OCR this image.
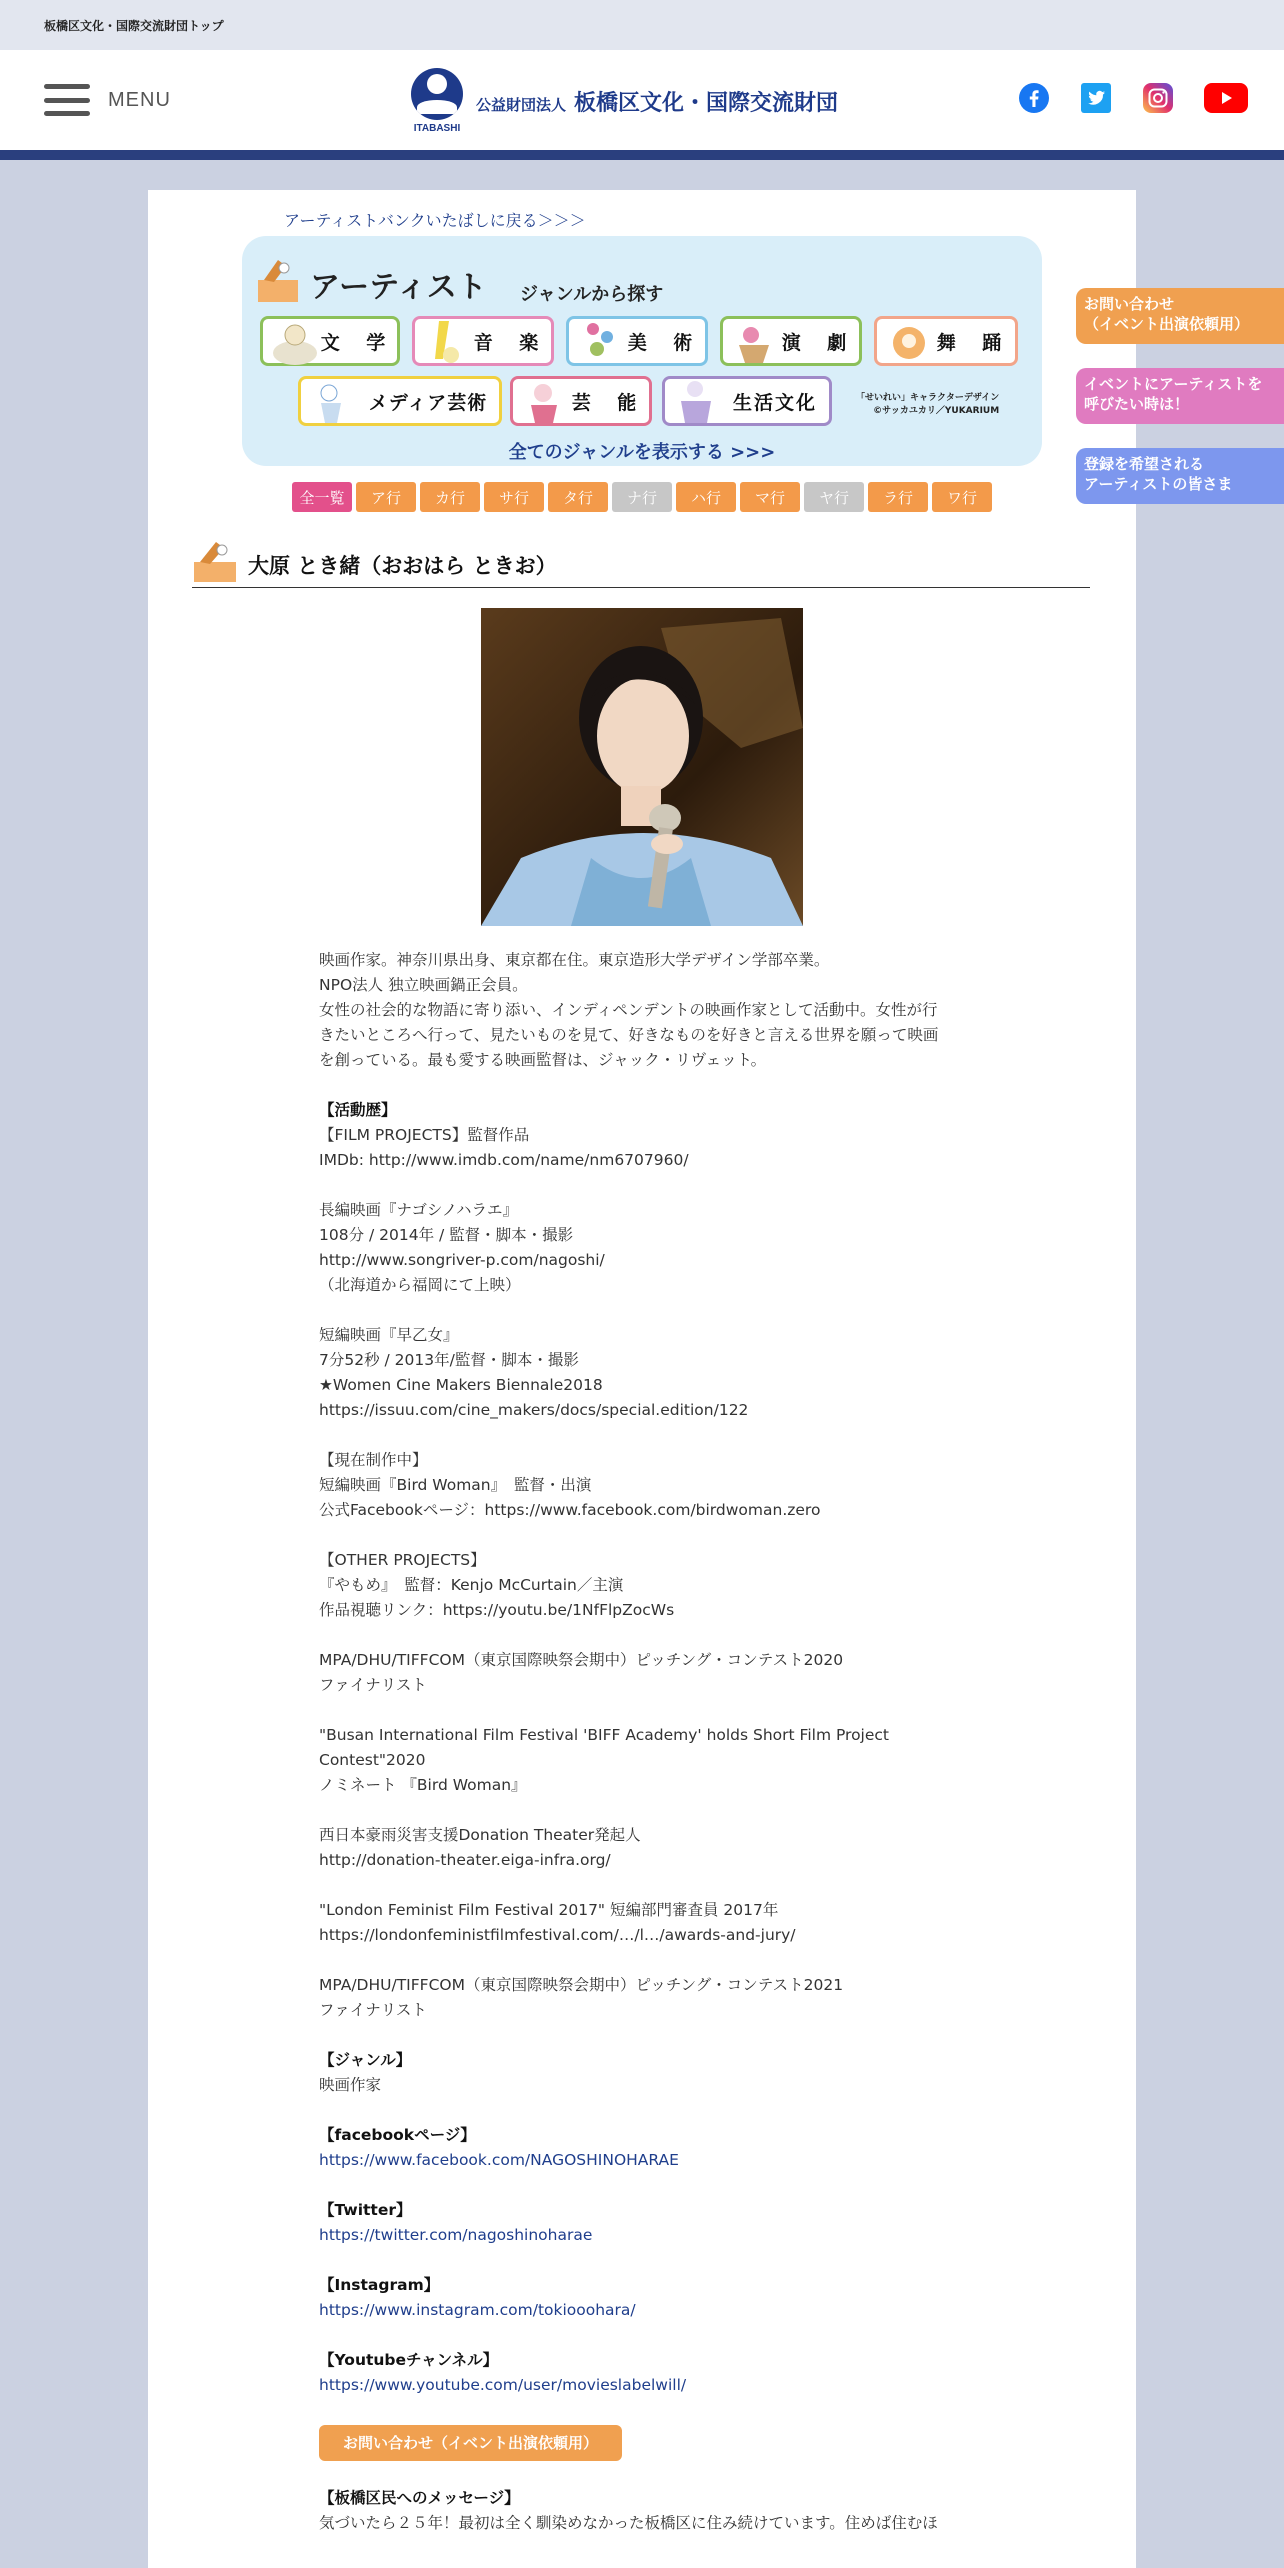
板橋区文化・国際交流財団トップ
MENU
ITABASHI
公益財団法人 板橋区文化・国際交流財団
アーティストバンクいたばしに戻る＞＞＞
アーティスト ジャンルから探す
文 学	音 楽	美 術	演 劇	舞 踊
メディア芸術	芸 能	生活文化	「せいれい」キャラクターデザイン
©サッカユカリ／YUKARIUM
全てのジャンルを表示する >>>
全一覧	ア行	カ行	サ行	タ行	ナ行	ハ行	マ行	ヤ行	ラ行	ワ行
大原 とき緒（おおはら ときお）

映画作家。神奈川県出身、東京都在住。東京造形大学デザイン学部卒業。
NPO法人 独立映画鍋正会員。
女性の社会的な物語に寄り添い、インディペンデントの映画作家として活動中。女性が行
きたいところへ行って、見たいものを見て、好きなものを好きと言える世界を願って映画
を創っている。最も愛する映画監督は、ジャック・リヴェット。

【活動歴】

【FILM PROJECTS】監督作品
IMDb: http://www.imdb.com/name/nm6707960/

長編映画『ナゴシノハラエ』
108分 / 2014年 / 監督・脚本・撮影
http://www.songriver-p.com/nagoshi/
（北海道から福岡にて上映）

短編映画『早乙女』
7分52秒 / 2013年/監督・脚本・撮影
★Women Cine Makers Biennale2018
https://issuu.com/cine_makers/docs/special.edition/122

【現在制作中】
短編映画『Bird Woman』　監督・出演
公式Facebookページ：https://www.facebook.com/birdwoman.zero

【OTHER PROJECTS】
『やもめ』　監督：Kenjo McCurtain／主演
作品視聴リンク：https://youtu.be/1NfFlpZocWs

MPA/DHU/TIFFCOM（東京国際映祭会期中）ピッチング・コンテスト2020
ファイナリスト

"Busan International Film Festival 'BIFF Academy' holds Short Film Project Contest"2020
ノミネート 『Bird Woman』

西日本豪雨災害支援Donation Theater発起人
http://donation-theater.eiga-infra.org/

"London Feminist Film Festival 2017" 短編部門審査員 2017年
https://londonfeministfilmfestival.com/…/l…/awards-and-jury/

MPA/DHU/TIFFCOM（東京国際映祭会期中）ピッチング・コンテスト2021
ファイナリスト

【ジャンル】

映画作家

【facebookページ】

https://www.facebook.com/NAGOSHINOHARAE

【Twitter】

https://twitter.com/nagoshinoharae

【Instagram】

https://www.instagram.com/tokiooohara/

【Youtubeチャンネル】

https://www.youtube.com/user/movieslabelwill/

お問い合わせ（イベント出演依頼用）

【板橋区民へのメッセージ】

気づいたら２５年！最初は全く馴染めなかった板橋区に住み続けています。住めば住むほ

お問い合わせ
（イベント出演依頼用）
イベントにアーティストを
呼びたい時は！
登録を希望される
アーティストの皆さま
